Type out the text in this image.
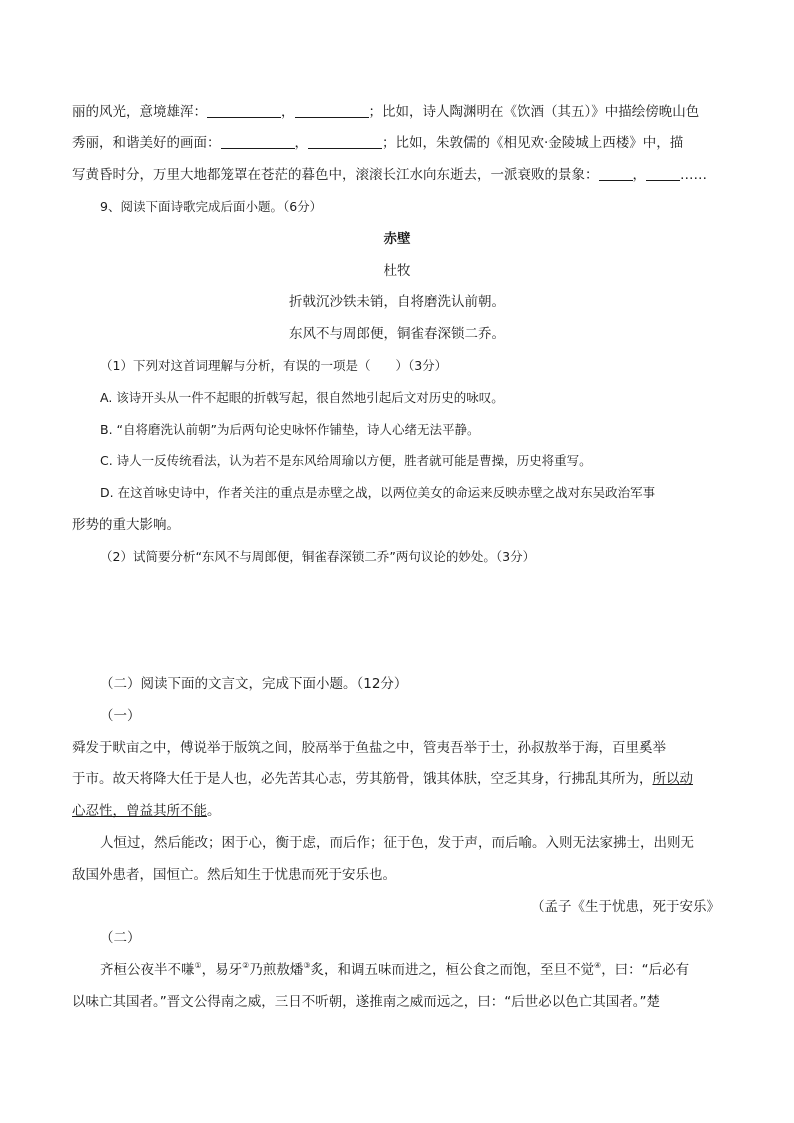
丽的风光，意境雄浑：	，	；比如，诗人陶渊明在《饮酒（其五）》中描绘傍晚山色
秀丽，和谐美好的画面：	，	；比如，朱敦儒的《相见欢·金陵城上西楼》中，描
写黄昏时分，万里大地都笼罩在苍茫的暮色中，滚滚长江水向东逝去，一派衰败的景象：	，	……
9、阅读下面诗歌完成后面小题。（6分）
赤壁
杜牧
折戟沉沙铁未销，自将磨洗认前朝。
东风不与周郎便，铜雀春深锁二乔。
（1）下列对这首词理解与分析，有误的一项是（　　）（3分）
A. 该诗开头从一件不起眼的折戟写起，很自然地引起后文对历史的咏叹。
B. “自将磨洗认前朝”为后两句论史咏怀作铺垫，诗人心绪无法平静。
C. 诗人一反传统看法，认为若不是东风给周瑜以方便，胜者就可能是曹操，历史将重写。
D. 在这首咏史诗中，作者关注的重点是赤壁之战，以两位美女的命运来反映赤壁之战对东吴政治军事
形势的重大影响。
（2）试简要分析“东风不与周郎便，铜雀春深锁二乔”两句议论的妙处。（3分）
（二）阅读下面的文言文，完成下面小题。（12分）
（一）
舜发于畎亩之中，傅说举于版筑之间，胶鬲举于鱼盐之中，管夷吾举于士，孙叔敖举于海，百里奚举
于市。故天将降大任于是人也，必先苦其心志，劳其筋骨，饿其体肤，空乏其身，行拂乱其所为，所以动
心忍性，曾益其所不能。
人恒过，然后能改；困于心，衡于虑，而后作；征于色，发于声，而后喻。入则无法家拂士，出则无
敌国外患者，国恒亡。然后知生于忧患而死于安乐也。
（孟子《生于忧患，死于安乐》
（二）
齐桓公夜半不嗛①，易牙②乃煎敖燔③炙，和调五味而进之，桓公食之而饱，至旦不觉④，曰：“后必有
以味亡其国者。”晋文公得南之威，三日不听朝，遂推南之威而远之，曰：“后世必以色亡其国者。”楚
